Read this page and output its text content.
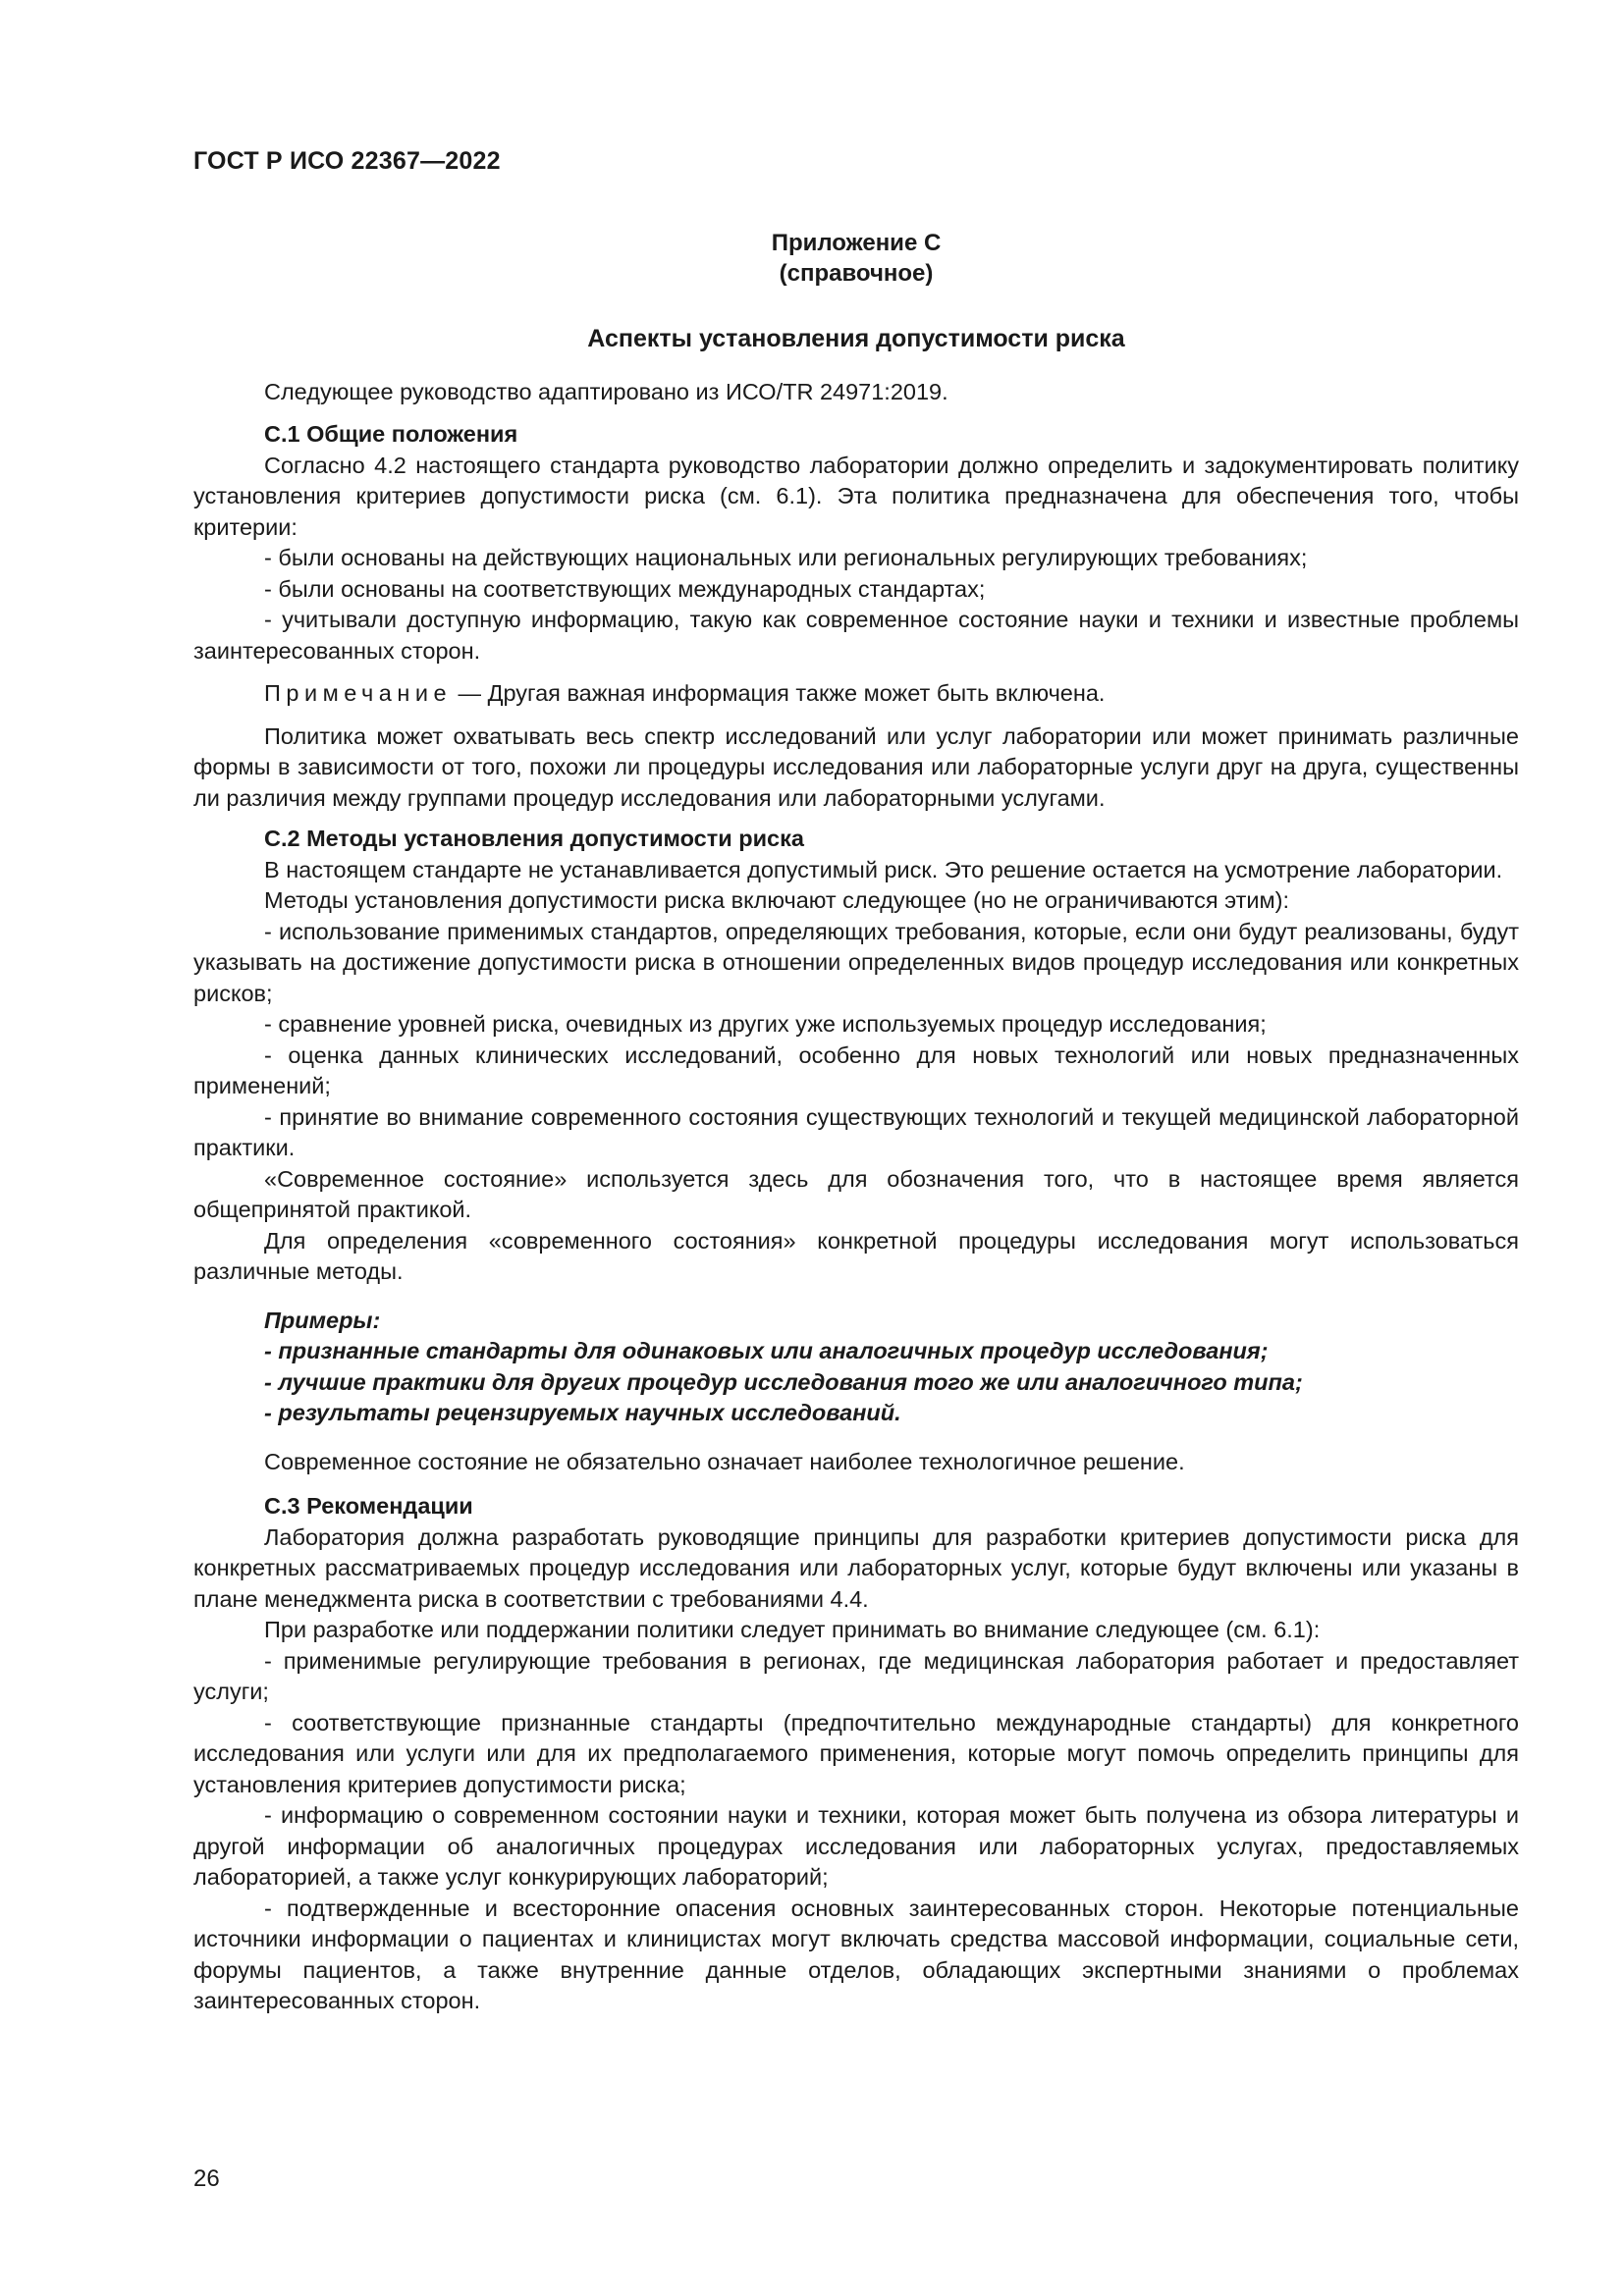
ГОСТ Р ИСО 22367—2022

Приложение С

(справочное)

Аспекты установления допустимости риска

Следующее руководство адаптировано из ИСО/TR 24971:2019.

С.1 Общие положения

Согласно 4.2 настоящего стандарта руководство лаборатории должно определить и задокументировать политику установления критериев допустимости риска (см. 6.1). Эта политика предназначена для обеспечения того, чтобы критерии:

- были основаны на действующих национальных или региональных регулирующих требованиях;

- были основаны на соответствующих международных стандартах;

- учитывали доступную информацию, такую как современное состояние науки и техники и известные проблемы заинтересованных сторон.

Примечание — Другая важная информация также может быть включена.

Политика может охватывать весь спектр исследований или услуг лаборатории или может принимать различные формы в зависимости от того, похожи ли процедуры исследования или лабораторные услуги друг на друга, существенны ли различия между группами процедур исследования или лабораторными услугами.

С.2 Методы установления допустимости риска

В настоящем стандарте не устанавливается допустимый риск. Это решение остается на усмотрение лаборатории.

Методы установления допустимости риска включают следующее (но не ограничиваются этим):

- использование применимых стандартов, определяющих требования, которые, если они будут реализованы, будут указывать на достижение допустимости риска в отношении определенных видов процедур исследования или конкретных рисков;

- сравнение уровней риска, очевидных из других уже используемых процедур исследования;

- оценка данных клинических исследований, особенно для новых технологий или новых предназначенных применений;

- принятие во внимание современного состояния существующих технологий и текущей медицинской лабораторной практики.

«Современное состояние» используется здесь для обозначения того, что в настоящее время является общепринятой практикой.

Для определения «современного состояния» конкретной процедуры исследования могут использоваться различные методы.

Примеры:

- признанные стандарты для одинаковых или аналогичных процедур исследования;

- лучшие практики для других процедур исследования того же или аналогичного типа;

- результаты рецензируемых научных исследований.

Современное состояние не обязательно означает наиболее технологичное решение.

С.3 Рекомендации

Лаборатория должна разработать руководящие принципы для разработки критериев допустимости риска для конкретных рассматриваемых процедур исследования или лабораторных услуг, которые будут включены или указаны в плане менеджмента риска в соответствии с требованиями 4.4.

При разработке или поддержании политики следует принимать во внимание следующее (см. 6.1):

- применимые регулирующие требования в регионах, где медицинская лаборатория работает и предоставляет услуги;

- соответствующие признанные стандарты (предпочтительно международные стандарты) для конкретного исследования или услуги или для их предполагаемого применения, которые могут помочь определить принципы для установления критериев допустимости риска;

- информацию о современном состоянии науки и техники, которая может быть получена из обзора литературы и другой информации об аналогичных процедурах исследования или лабораторных услугах, предоставляемых лабораторией, а также услуг конкурирующих лабораторий;

- подтвержденные и всесторонние опасения основных заинтересованных сторон. Некоторые потенциальные источники информации о пациентах и клиницистах могут включать средства массовой информации, социальные сети, форумы пациентов, а также внутренние данные отделов, обладающих экспертными знаниями о проблемах заинтересованных сторон.

26
